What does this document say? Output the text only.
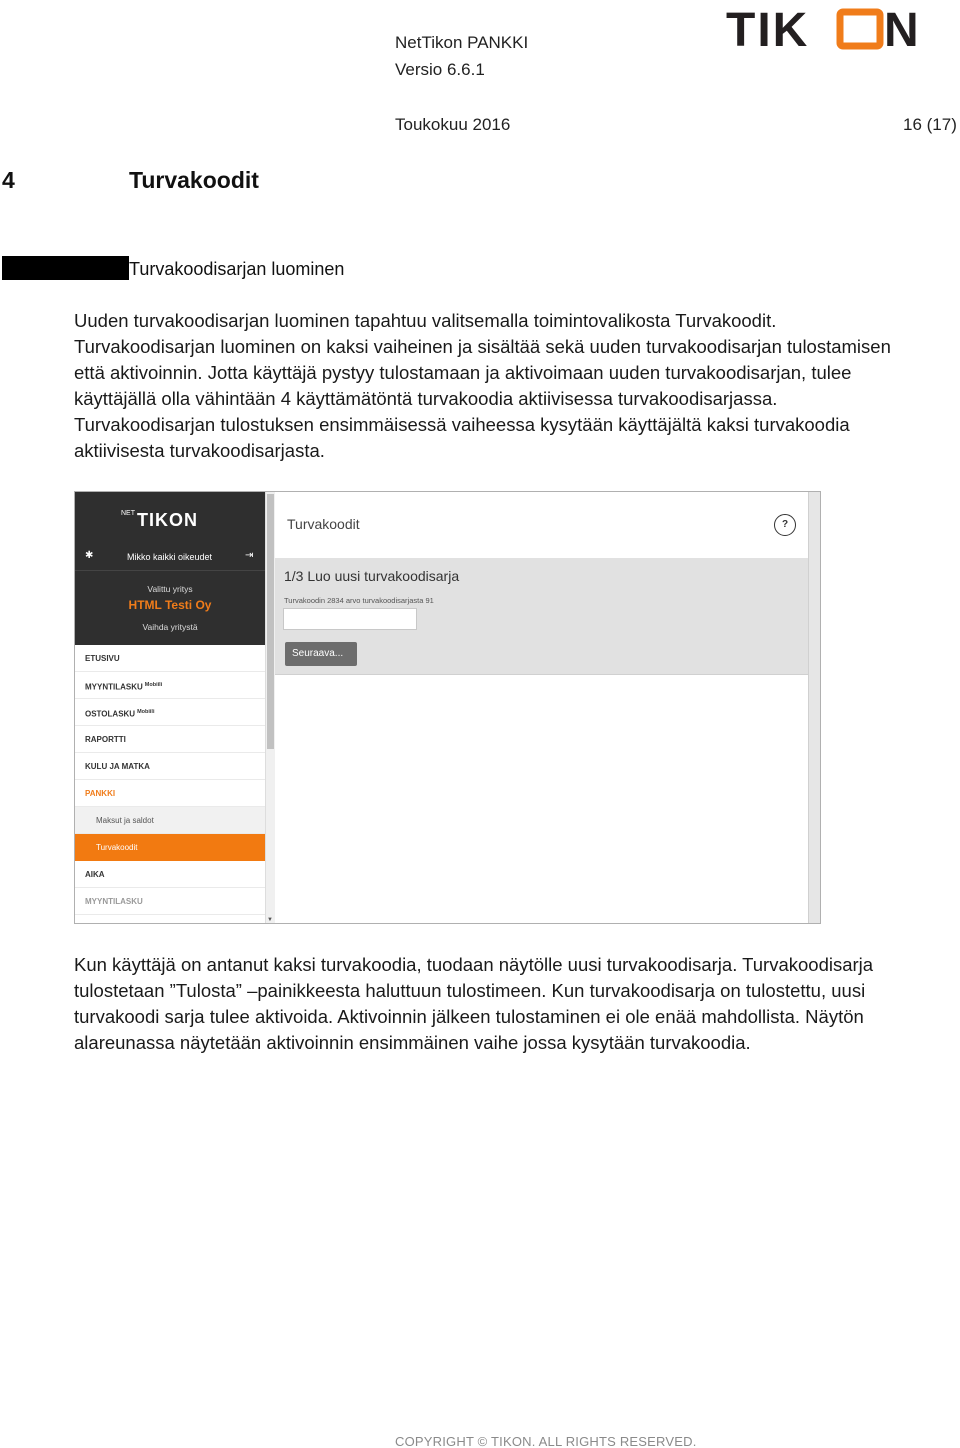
NetTikon PANKKI
Versio 6.6.1
Toukokuu 2016	16 (17)
TIK N
4	Turvakoodit
Turvakoodisarjan luominen
Uuden turvakoodisarjan luominen tapahtuu valitsemalla toimintovalikosta Turvakoodit.
Turvakoodisarjan luominen on kaksi vaiheinen ja sisältää sekä uuden turvakoodisarjan tulostamisen
että aktivoinnin. Jotta käyttäjä pystyy tulostamaan ja aktivoimaan uuden turvakoodisarjan, tulee
käyttäjällä olla vähintään 4 käyttämätöntä turvakoodia aktiivisessa turvakoodisarjassa.
Turvakoodisarjan tulostuksen ensimmäisessä vaiheessa kysytään käyttäjältä kaksi turvakoodia
aktiivisesta turvakoodisarjasta.
$^{NET}$ TIKON
✱	Mikko kaikki oikeudet	⇥
Valittu yritys
HTML Testi Oy
Vaihda yritystä
ETUSIVU
MYYNTILASKU $^{Mobiili}$
OSTOLASKU $^{Mobiili}$
RAPORTTI
KULU JA MATKA
PANKKI
Maksut ja saldot
Turvakoodit
AIKA
MYYNTILASKU
▼
Turvakoodit	?
1/3 Luo uusi turvakoodisarja
Turvakoodin 2834 arvo turvakoodisarjasta 91
Seuraava...
Kun käyttäjä on antanut kaksi turvakoodia, tuodaan näytölle uusi turvakoodisarja. Turvakoodisarja
tulostetaan ”Tulosta” –painikkeesta haluttuun tulostimeen. Kun turvakoodisarja on tulostettu, uusi
turvakoodi sarja tulee aktivoida. Aktivoinnin jälkeen tulostaminen ei ole enää mahdollista. Näytön
alareunassa näytetään aktivoinnin ensimmäinen vaihe jossa kysytään turvakoodia.
COPYRIGHT © TIKON. ALL RIGHTS RESERVED.
